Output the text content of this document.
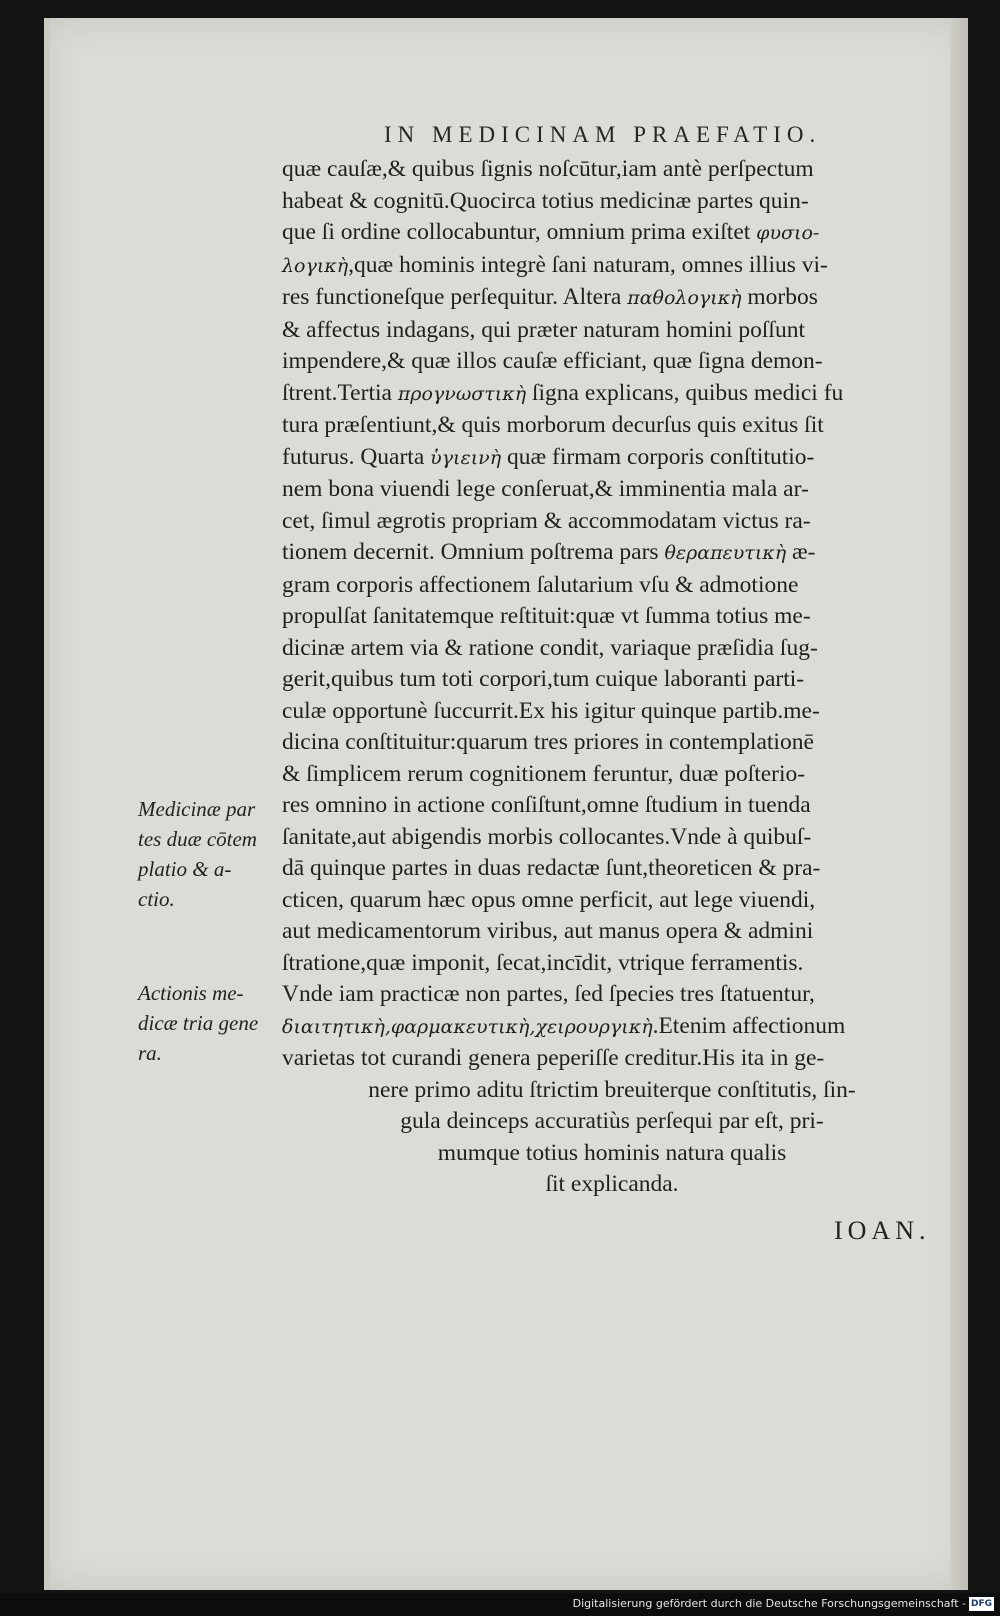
IN MEDICINAM PRAEFATIO.
quæ cauſæ,& quibus ſignis noſcūtur,iam antè perſpectum
habeat & cognitū.Quocirca totius medicinæ partes quin-
que ſi ordine collocabuntur, omnium prima exiſtet φυσιο-
λογικὴ,quæ hominis integrè ſani naturam, omnes illius vi-
res functioneſque perſequitur. Altera παθολογικὴ morbos
& affectus indagans, qui præter naturam homini poſſunt
impendere,& quæ illos cauſæ efficiant, quæ ſigna demon-
ſtrent.Tertia προγνωστικὴ ſigna explicans, quibus medici fu
tura præſentiunt,& quis morborum decurſus quis exitus ſit
futurus. Quarta ὑγιεινὴ quæ firmam corporis conſtitutio-
nem bona viuendi lege conſeruat,& imminentia mala ar-
cet, ſimul ægrotis propriam & accommodatam victus ra-
tionem decernit. Omnium poſtrema pars θεραπευτικὴ æ-
gram corporis affectionem ſalutarium vſu & admotione
propulſat ſanitatemque reſtituit:quæ vt ſumma totius me-
dicinæ artem via & ratione condit, variaque præſidia ſug-
gerit,quibus tum toti corpori,tum cuique laboranti parti-
culæ opportunè ſuccurrit.Ex his igitur quinque partib.me-
dicina conſtituitur:quarum tres priores in contemplationē
& ſimplicem rerum cognitionem feruntur, duæ poſterio-
res omnino in actione conſiſtunt,omne ſtudium in tuenda
ſanitate,aut abigendis morbis collocantes.Vnde à quibuſ-
dā quinque partes in duas redactæ ſunt,theoreticen & pra-
cticen, quarum hæc opus omne perficit, aut lege viuendi,
aut medicamentorum viribus, aut manus opera & admini
ſtratione,quæ imponit, ſecat,incīdit, vtrique ferramentis.
Vnde iam practicæ non partes, ſed ſpecies tres ſtatuentur,
διαιτητικὴ,φαρμακευτικὴ,χειρουργικὴ.Etenim affectionum
varietas tot curandi genera peperiſſe creditur.His ita in ge-
nere primo aditu ſtrictim breuiterque conſtitutis, ſin-
gula deinceps accuratiùs perſequi par eſt, pri-
mumque totius hominis natura qualis
ſit explicanda.
Medicinæ par
tes duæ cōtem
platio & a-
ctio.
Actionis me-
dicæ tria gene
ra.
IOAN.
Digitalisierung gefördert durch die Deutsche Forschungsgemeinschaft - DFG
